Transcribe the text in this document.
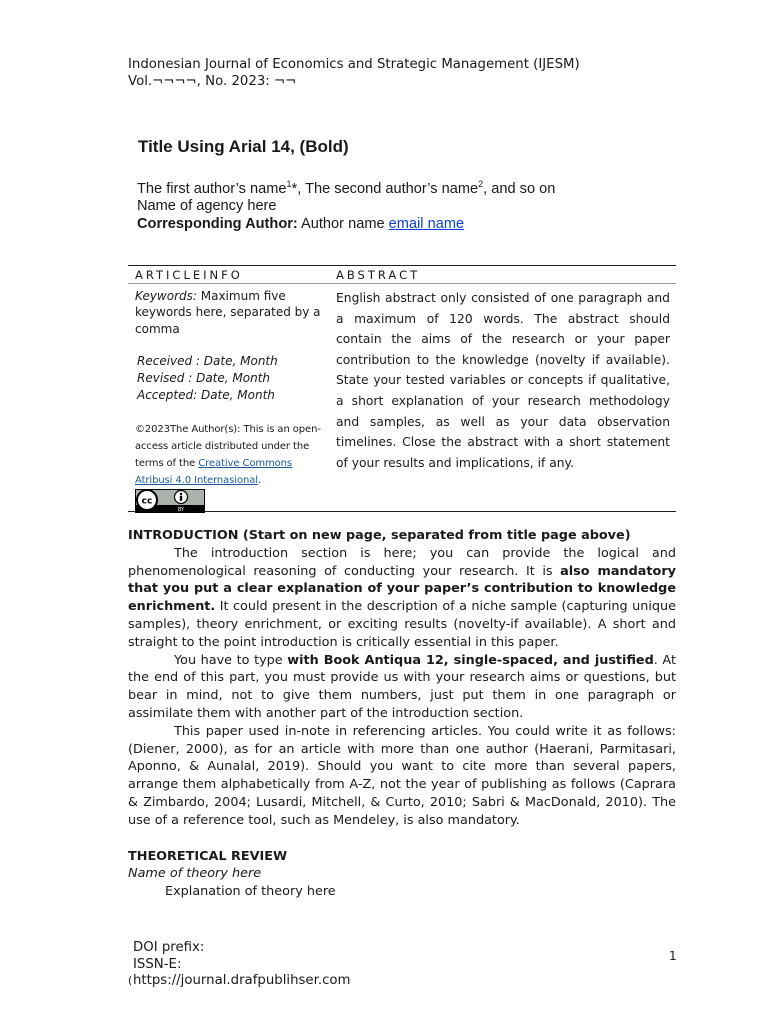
Indonesian Journal of Economics and Strategic Management (IJESM)
Vol.¬¬¬¬, No. 2023: ¬¬
Title Using Arial 14, (Bold)
The first author’s name$^1$*, The second author’s name$^2$, and so on
Name of agency here
Corresponding Author: Author name email name
ARTICLEINFO	ABSTRACT
Keywords: Maximum five keywords here, separated by a comma
Received : Date, Month
Revised : Date, Month
Accepted: Date, Month
©2023The Author(s): This is an open-access article distributed under the terms of the Creative Commons Atribusi 4.0 Internasional.
cc
BY
English abstract only consisted of one paragraph and a maximum of 120 words. The abstract should contain the aims of the research or your paper contribution to the knowledge (novelty if available). State your tested variables or concepts if qualitative, a short explanation of your research methodology and samples, as well as your data observation timelines. Close the abstract with a short statement of your results and implications, if any.

INTRODUCTION (Start on new page, separated from title page above)

The introduction section is here; you can provide the logical and phenomenological reasoning of conducting your research. It is also mandatory that you put a clear explanation of your paper’s contribution to knowledge enrichment. It could present in the description of a niche sample (capturing unique samples), theory enrichment, or exciting results (novelty-if available). A short and straight to the point introduction is critically essential in this paper.

You have to type with Book Antiqua 12, single-spaced, and justified. At the end of this part, you must provide us with your research aims or questions, but bear in mind, not to give them numbers, just put them in one paragraph or assimilate them with another part of the introduction section.

This paper used in-note in referencing articles. You could write it as follows: (Diener, 2000), as for an article with more than one author (Haerani, Parmitasari, Aponno, & Aunalal, 2019). Should you want to cite more than several papers, arrange them alphabetically from A-Z, not the year of publishing as follows (Caprara & Zimbardo, 2004; Lusardi, Mitchell, & Curto, 2010; Sabri & MacDonald, 2010). The use of a reference tool, such as Mendeley, is also mandatory.

THEORETICAL REVIEW

Name of theory here

Explanation of theory here

DOI prefix:
ISSN-E:
https://journal.drafpublihser.com
(
1
